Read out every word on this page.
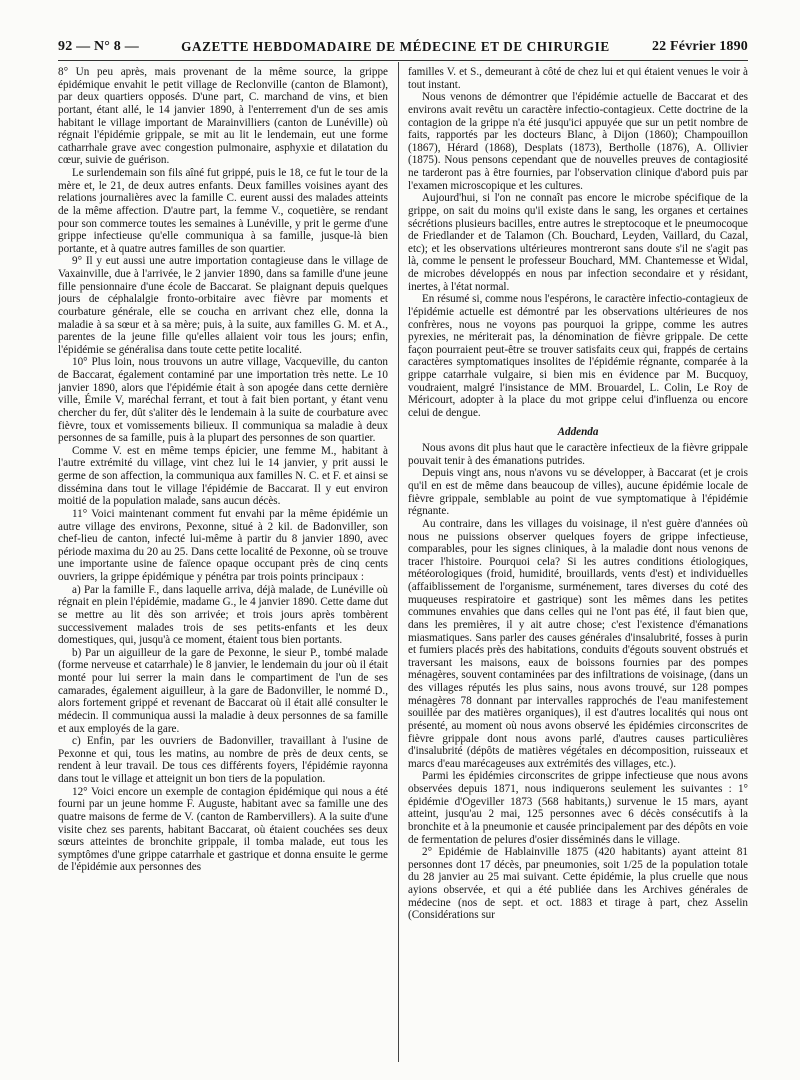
92 — N° 8 —	GAZETTE HEBDOMADAIRE DE MÉDECINE ET DE CHIRURGIE	22 Février 1890

8° Un peu après, mais provenant de la même source, la grippe épidémique envahit le petit village de Reclonville (canton de Blamont), par deux quartiers opposés. D'une part, C. marchand de vins, et bien portant, étant allé, le 14 janvier 1890, à l'enterrement d'un de ses amis habitant le village important de Marainvilliers (canton de Lunéville) où régnait l'épidémie grippale, se mit au lit le lendemain, eut une forme catharrhale grave avec congestion pulmonaire, asphyxie et dilatation du cœur, suivie de guérison.

Le surlendemain son fils aîné fut grippé, puis le 18, ce fut le tour de la mère et, le 21, de deux autres enfants. Deux familles voisines ayant des relations journalières avec la famille C. eurent aussi des malades atteints de la même affection. D'autre part, la femme V., coquetière, se rendant pour son commerce toutes les semaines à Lunéville, y prit le germe d'une grippe infectieuse qu'elle communiqua à sa famille, jusque-là bien portante, et à quatre autres familles de son quartier.

9° Il y eut aussi une autre importation contagieuse dans le village de Vaxainville, due à l'arrivée, le 2 janvier 1890, dans sa famille d'une jeune fille pensionnaire d'une école de Baccarat. Se plaignant depuis quelques jours de céphalalgie fronto-orbitaire avec fièvre par moments et courbature générale, elle se coucha en arrivant chez elle, donna la maladie à sa sœur et à sa mère; puis, à la suite, aux familles G. M. et A., parentes de la jeune fille qu'elles allaient voir tous les jours; enfin, l'épidémie se généralisa dans toute cette petite localité.

10° Plus loin, nous trouvons un autre village, Vacqueville, du canton de Baccarat, également contaminé par une importation très nette. Le 10 janvier 1890, alors que l'épidémie était à son apogée dans cette dernière ville, Émile V, maréchal ferrant, et tout à fait bien portant, y étant venu chercher du fer, dût s'aliter dès le lendemain à la suite de courbature avec fièvre, toux et vomissements bilieux. Il communiqua sa maladie à deux personnes de sa famille, puis à la plupart des personnes de son quartier.

Comme V. est en même temps épicier, une femme M., habitant à l'autre extrémité du village, vint chez lui le 14 janvier, y prit aussi le germe de son affection, la communiqua aux familles N. C. et F. et ainsi se dissémina dans tout le village l'épidémie de Baccarat. Il y eut environ moitié de la population malade, sans aucun décès.

11° Voici maintenant comment fut envahi par la même épidémie un autre village des environs, Pexonne, situé à 2 kil. de Badonviller, son chef-lieu de canton, infecté lui-même à partir du 8 janvier 1890, avec période maxima du 20 au 25. Dans cette localité de Pexonne, où se trouve une importante usine de faïence opaque occupant près de cinq cents ouvriers, la grippe épidémique y pénétra par trois points principaux :

a) Par la famille F., dans laquelle arriva, déjà malade, de Lunéville où régnait en plein l'épidémie, madame G., le 4 janvier 1890. Cette dame dut se mettre au lit dès son arrivée; et trois jours après tombèrent successivement malades trois de ses petits-enfants et les deux domestiques, qui, jusqu'à ce moment, étaient tous bien portants.

b) Par un aiguilleur de la gare de Pexonne, le sieur P., tombé malade (forme nerveuse et catarrhale) le 8 janvier, le lendemain du jour où il était monté pour lui serrer la main dans le compartiment de l'un de ses camarades, également aiguilleur, à la gare de Badonviller, le nommé D., alors fortement grippé et revenant de Baccarat où il était allé consulter le médecin. Il communiqua aussi la maladie à deux personnes de sa famille et aux employés de la gare.

c) Enfin, par les ouvriers de Badonviller, travaillant à l'usine de Pexonne et qui, tous les matins, au nombre de près de deux cents, se rendent à leur travail. De tous ces différents foyers, l'épidémie rayonna dans tout le village et atteignit un bon tiers de la population.

12° Voici encore un exemple de contagion épidémique qui nous a été fourni par un jeune homme F. Auguste, habitant avec sa famille une des quatre maisons de ferme de V. (canton de Rambervillers). A la suite d'une visite chez ses parents, habitant Baccarat, où étaient couchées ses deux sœurs atteintes de bronchite grippale, il tomba malade, eut tous les symptômes d'une grippe catarrhale et gastrique et donna ensuite le germe de l'épidémie aux personnes des

familles V. et S., demeurant à côté de chez lui et qui étaient venues le voir à tout instant.

Nous venons de démontrer que l'épidémie actuelle de Baccarat et des environs avait revêtu un caractère infectio-contagieux. Cette doctrine de la contagion de la grippe n'a été jusqu'ici appuyée que sur un petit nombre de faits, rapportés par les docteurs Blanc, à Dijon (1860); Champouillon (1867), Hérard (1868), Desplats (1873), Bertholle (1876), A. Ollivier (1875). Nous pensons cependant que de nouvelles preuves de contagiosité ne tarderont pas à être fournies, par l'observation clinique d'abord puis par l'examen microscopique et les cultures.

Aujourd'hui, si l'on ne connaît pas encore le microbe spécifique de la grippe, on sait du moins qu'il existe dans le sang, les organes et certaines sécrétions plusieurs bacilles, entre autres le streptocoque et le pneumocoque de Friedlander et de Talamon (Ch. Bouchard, Leyden, Vaillard, du Cazal, etc); et les observations ultérieures montreront sans doute s'il ne s'agit pas là, comme le pensent le professeur Bouchard, MM. Chantemesse et Widal, de microbes développés en nous par infection secondaire et y résidant, inertes, à l'état normal.

En résumé si, comme nous l'espérons, le caractère infectio-contagieux de l'épidémie actuelle est démontré par les observations ultérieures de nos confrères, nous ne voyons pas pourquoi la grippe, comme les autres pyrexies, ne mériterait pas, la dénomination de fièvre grippale. De cette façon pourraient peut-être se trouver satisfaits ceux qui, frappés de certains caractères symptomatiques insolites de l'épidémie régnante, comparée à la grippe catarrhale vulgaire, si bien mis en évidence par M. Bucquoy, voudraient, malgré l'insistance de MM. Brouardel, L. Colin, Le Roy de Méricourt, adopter à la place du mot grippe celui d'influenza ou encore celui de dengue.

Addenda

Nous avons dit plus haut que le caractère infectieux de la fièvre grippale pouvait tenir à des émanations putrides.

Depuis vingt ans, nous n'avons vu se développer, à Baccarat (et je crois qu'il en est de même dans beaucoup de villes), aucune épidémie locale de fièvre grippale, semblable au point de vue symptomatique à l'épidémie régnante.

Au contraire, dans les villages du voisinage, il n'est guère d'années où nous ne puissions observer quelques foyers de grippe infectieuse, comparables, pour les signes cliniques, à la maladie dont nous venons de tracer l'histoire. Pourquoi cela? Si les autres conditions étiologiques, météorologiques (froid, humidité, brouillards, vents d'est) et individuelles (affaiblissement de l'organisme, surménement, tares diverses du coté des muqueuses respiratoire et gastrique) sont les mêmes dans les petites communes envahies que dans celles qui ne l'ont pas été, il faut bien que, dans les premières, il y ait autre chose; c'est l'existence d'émanations miasmatiques. Sans parler des causes générales d'insalubrité, fosses à purin et fumiers placés près des habitations, conduits d'égouts souvent obstrués et traversant les maisons, eaux de boissons fournies par des pompes ménagères, souvent contaminées par des infiltrations de voisinage, (dans un des villages réputés les plus sains, nous avons trouvé, sur 128 pompes ménagères 78 donnant par intervalles rapprochés de l'eau manifestement souillée par des matières organiques), il est d'autres localités qui nous ont présenté, au moment où nous avons observé les épidémies circonscrites de fièvre grippale dont nous avons parlé, d'autres causes particulières d'insalubrité (dépôts de matières végétales en décomposition, ruisseaux et marcs d'eau marécageuses aux extrémités des villages, etc.).

Parmi les épidémies circonscrites de grippe infectieuse que nous avons observées depuis 1871, nous indiquerons seulement les suivantes : 1° épidémie d'Ogeviller 1873 (568 habitants,) survenue le 15 mars, ayant atteint, jusqu'au 2 mai, 125 personnes avec 6 décès consécutifs à la bronchite et à la pneumonie et causée principalement par des dépôts en voie de fermentation de pelures d'osier disséminés dans le village.

2° Epidémie de Hablainville 1875 (420 habitants) ayant atteint 81 personnes dont 17 décès, par pneumonies, soit 1/25 de la population totale du 28 janvier au 25 mai suivant. Cette épidémie, la plus cruelle que nous ayions observée, et qui a été publiée dans les Archives générales de médecine (nos de sept. et oct. 1883 et tirage à part, chez Asselin (Considérations sur
